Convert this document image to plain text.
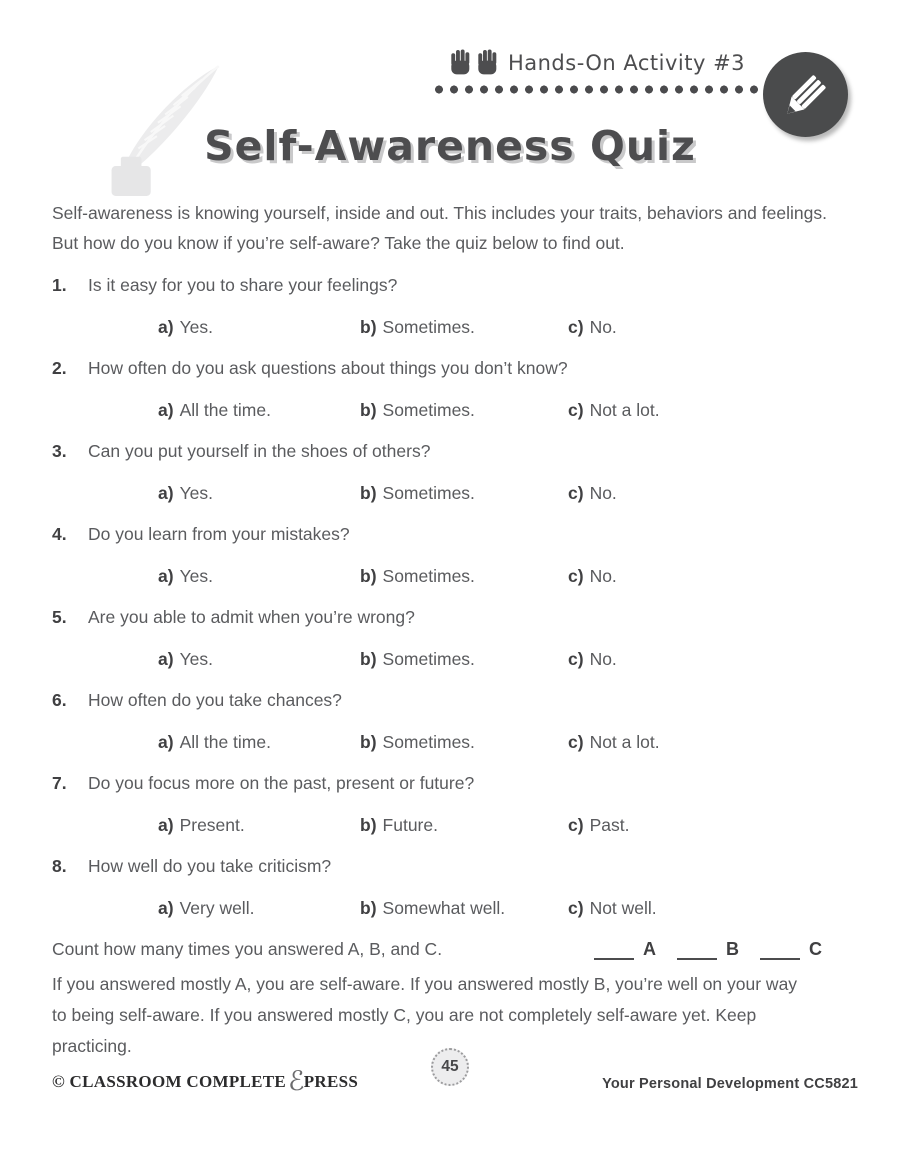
Hands-On Activity #3
Self-Awareness Quiz

Self-awareness is knowing yourself, inside and out. This includes your traits, behaviors and feelings. But how do you know if you’re self-aware? Take the quiz below to find out.

1.	Is it easy for you to share your feelings?
a) Yes.	b) Sometimes.	c) No.
2.	How often do you ask questions about things you don’t know?
a) All the time.	b) Sometimes.	c) Not a lot.
3.	Can you put yourself in the shoes of others?
a) Yes.	b) Sometimes.	c) No.
4.	Do you learn from your mistakes?
a) Yes.	b) Sometimes.	c) No.
5.	Are you able to admit when you’re wrong?
a) Yes.	b) Sometimes.	c) No.
6.	How often do you take chances?
a) All the time.	b) Sometimes.	c) Not a lot.
7.	Do you focus more on the past, present or future?
a) Present.	b) Future.	c) Past.
8.	How well do you take criticism?
a) Very well.	b) Somewhat well.	c) Not well.
Count how many times you answered A, B, and C.	A	B	C

If you answered mostly A, you are self-aware. If you answered mostly B, you’re well on your way to being self-aware. If you answered mostly C, you are not completely self-aware yet. Keep practicing.

© CLASSROOM COMPLETE ℰ PRESS
45
Your Personal Development CC5821
